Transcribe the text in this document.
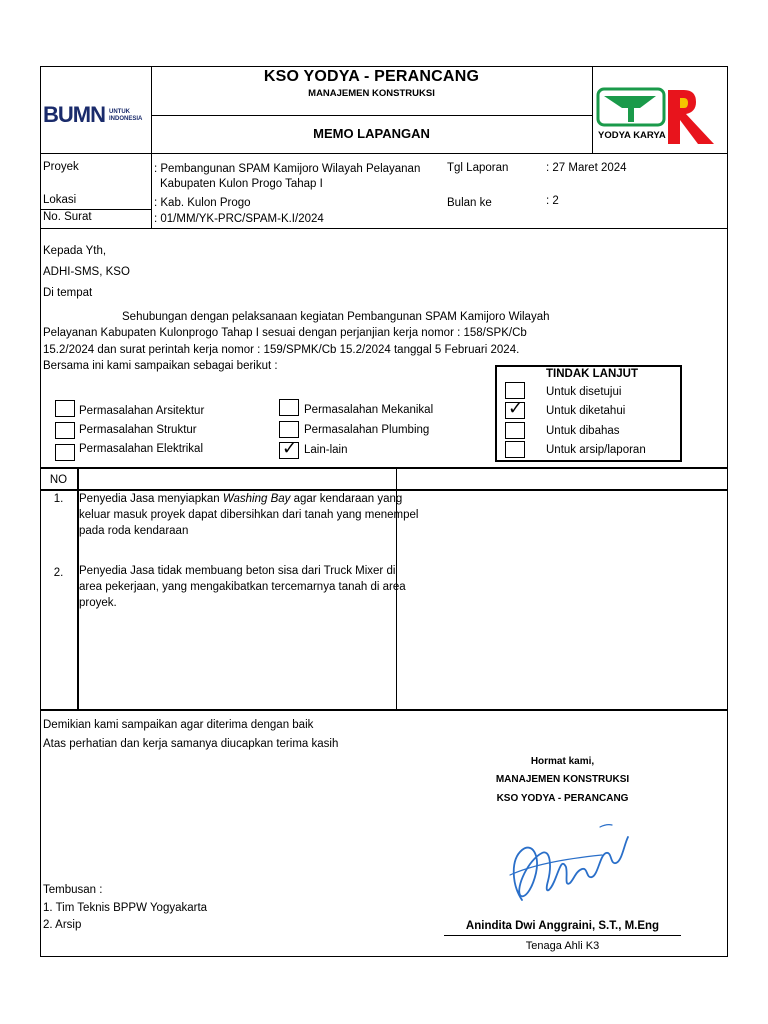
BUMN UNTUK
INDONESIA
KSO YODYA - PERANCANG
MANAJEMEN KONSTRUKSI
MEMO LAPANGAN	YODYA KARYA
Proyek	: Pembangunan SPAM Kamijoro Wilayah Pelayanan
Kabupaten Kulon Progo Tahap I
Tgl Laporan	: 27 Maret 2024
Lokasi	: Kab. Kulon Progo	Bulan ke	: 2
No. Surat	: 01/MM/YK-PRC/SPAM-K.I/2024
Kepada Yth,
ADHI-SMS, KSO
Di tempat
Sehubungan dengan pelaksanaan kegiatan Pembangunan SPAM Kamijoro Wilayah
Pelayanan Kabupaten Kulonprogo Tahap I sesuai dengan perjanjian kerja nomor : 158/SPK/Cb
15.2/2024 dan surat perintah kerja nomor : 159/SPMK/Cb 15.2/2024 tanggal 5 Februari 2024.
Bersama ini kami sampaikan sebagai berikut :
Permasalahan Arsitektur
Permasalahan Struktur
Permasalahan Elektrikal
Permasalahan Mekanikal
Permasalahan Plumbing
✓ Lain-lain
TINDAK LANJUT
Untuk disetujui
✓ Untuk diketahui
Untuk dibahas
Untuk arsip/laporan
NO
1.	Penyedia Jasa menyiapkan Washing Bay agar kendaraan yang
keluar masuk proyek dapat dibersihkan dari tanah yang menempel
pada roda kendaraan
2.	Penyedia Jasa tidak membuang beton sisa dari Truck Mixer di
area pekerjaan, yang mengakibatkan tercemarnya tanah di area
proyek.
Demikian kami sampaikan agar diterima dengan baik
Atas perhatian dan kerja samanya diucapkan terima kasih
Hormat kami,
MANAJEMEN KONSTRUKSI
KSO YODYA - PERANCANG
Anindita Dwi Anggraini, S.T., M.Eng
Tenaga Ahli K3
Tembusan :
1. Tim Teknis BPPW Yogyakarta
2. Arsip
